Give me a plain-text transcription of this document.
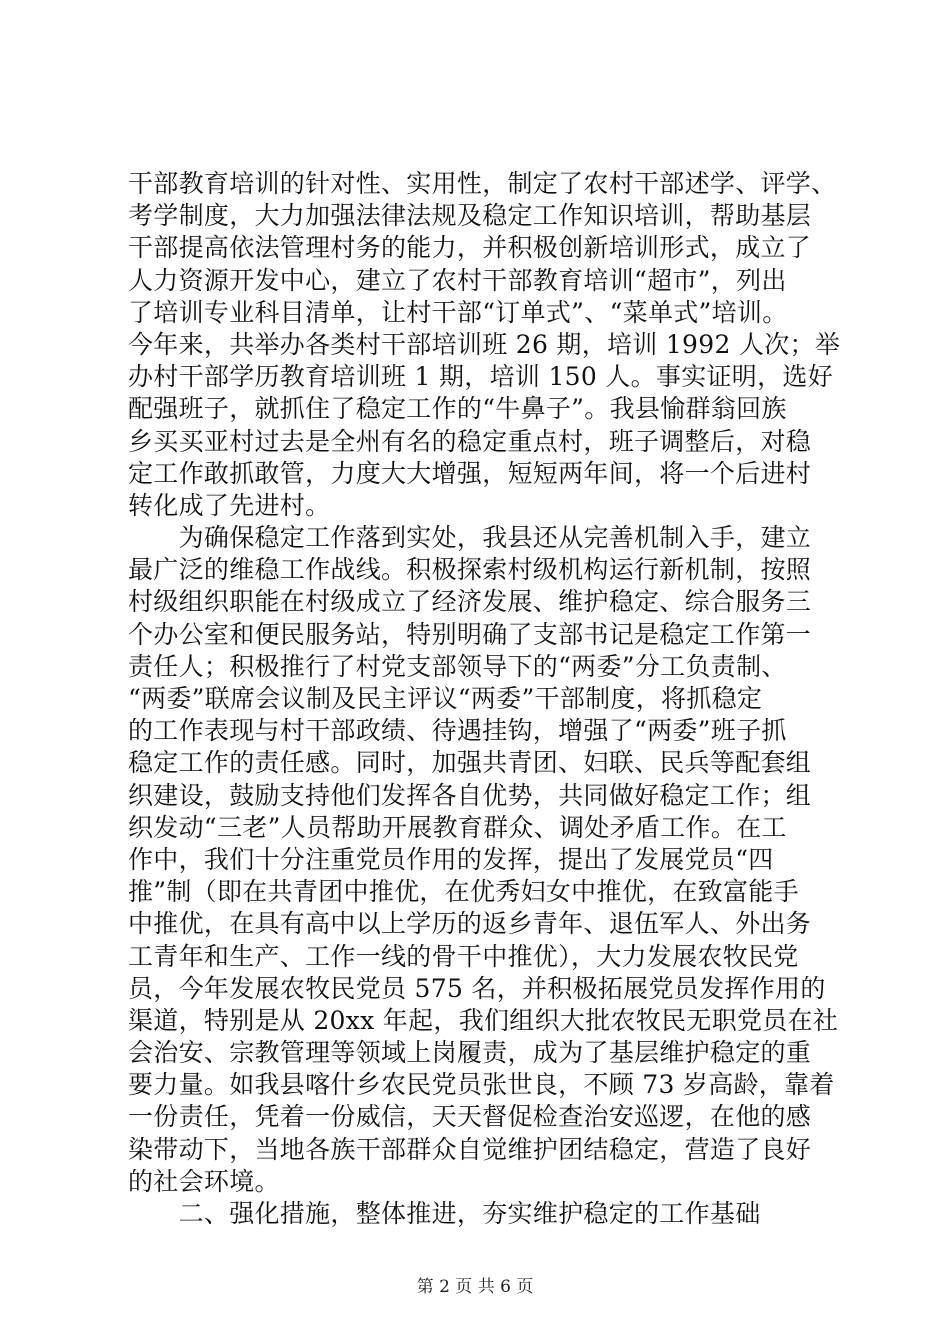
干部教育培训的针对性、实用性，制定了农村干部述学、评学、
考学制度，大力加强法律法规及稳定工作知识培训，帮助基层
干部提高依法管理村务的能力，并积极创新培训形式，成立了
人力资源开发中心，建立了农村干部教育培训“超市”，列出
了培训专业科目清单，让村干部“订单式”、“菜单式”培训。
今年来，共举办各类村干部培训班 26 期，培训 1992 人次；举
办村干部学历教育培训班 1 期，培训 150 人。事实证明，选好
配强班子，就抓住了稳定工作的“牛鼻子”。我县愉群翁回族
乡买买亚村过去是全州有名的稳定重点村，班子调整后，对稳
定工作敢抓敢管，力度大大增强，短短两年间，将一个后进村
转化成了先进村。
　　为确保稳定工作落到实处，我县还从完善机制入手，建立
最广泛的维稳工作战线。积极探索村级机构运行新机制，按照
村级组织职能在村级成立了经济发展、维护稳定、综合服务三
个办公室和便民服务站，特别明确了支部书记是稳定工作第一
责任人；积极推行了村党支部领导下的“两委”分工负责制、
“两委”联席会议制及民主评议“两委”干部制度，将抓稳定
的工作表现与村干部政绩、待遇挂钩，增强了“两委”班子抓
稳定工作的责任感。同时，加强共青团、妇联、民兵等配套组
织建设，鼓励支持他们发挥各自优势，共同做好稳定工作；组
织发动“三老”人员帮助开展教育群众、调处矛盾工作。在工
作中，我们十分注重党员作用的发挥，提出了发展党员“四
推”制（即在共青团中推优，在优秀妇女中推优，在致富能手
中推优，在具有高中以上学历的返乡青年、退伍军人、外出务
工青年和生产、工作一线的骨干中推优），大力发展农牧民党
员，今年发展农牧民党员 575 名，并积极拓展党员发挥作用的
渠道，特别是从 20xx 年起，我们组织大批农牧民无职党员在社
会治安、宗教管理等领域上岗履责，成为了基层维护稳定的重
要力量。如我县喀什乡农民党员张世良，不顾 73 岁高龄，靠着
一份责任，凭着一份威信，天天督促检查治安巡逻，在他的感
染带动下，当地各族干部群众自觉维护团结稳定，营造了良好
的社会环境。
　　二、强化措施，整体推进，夯实维护稳定的工作基础
第 2 页 共 6 页
